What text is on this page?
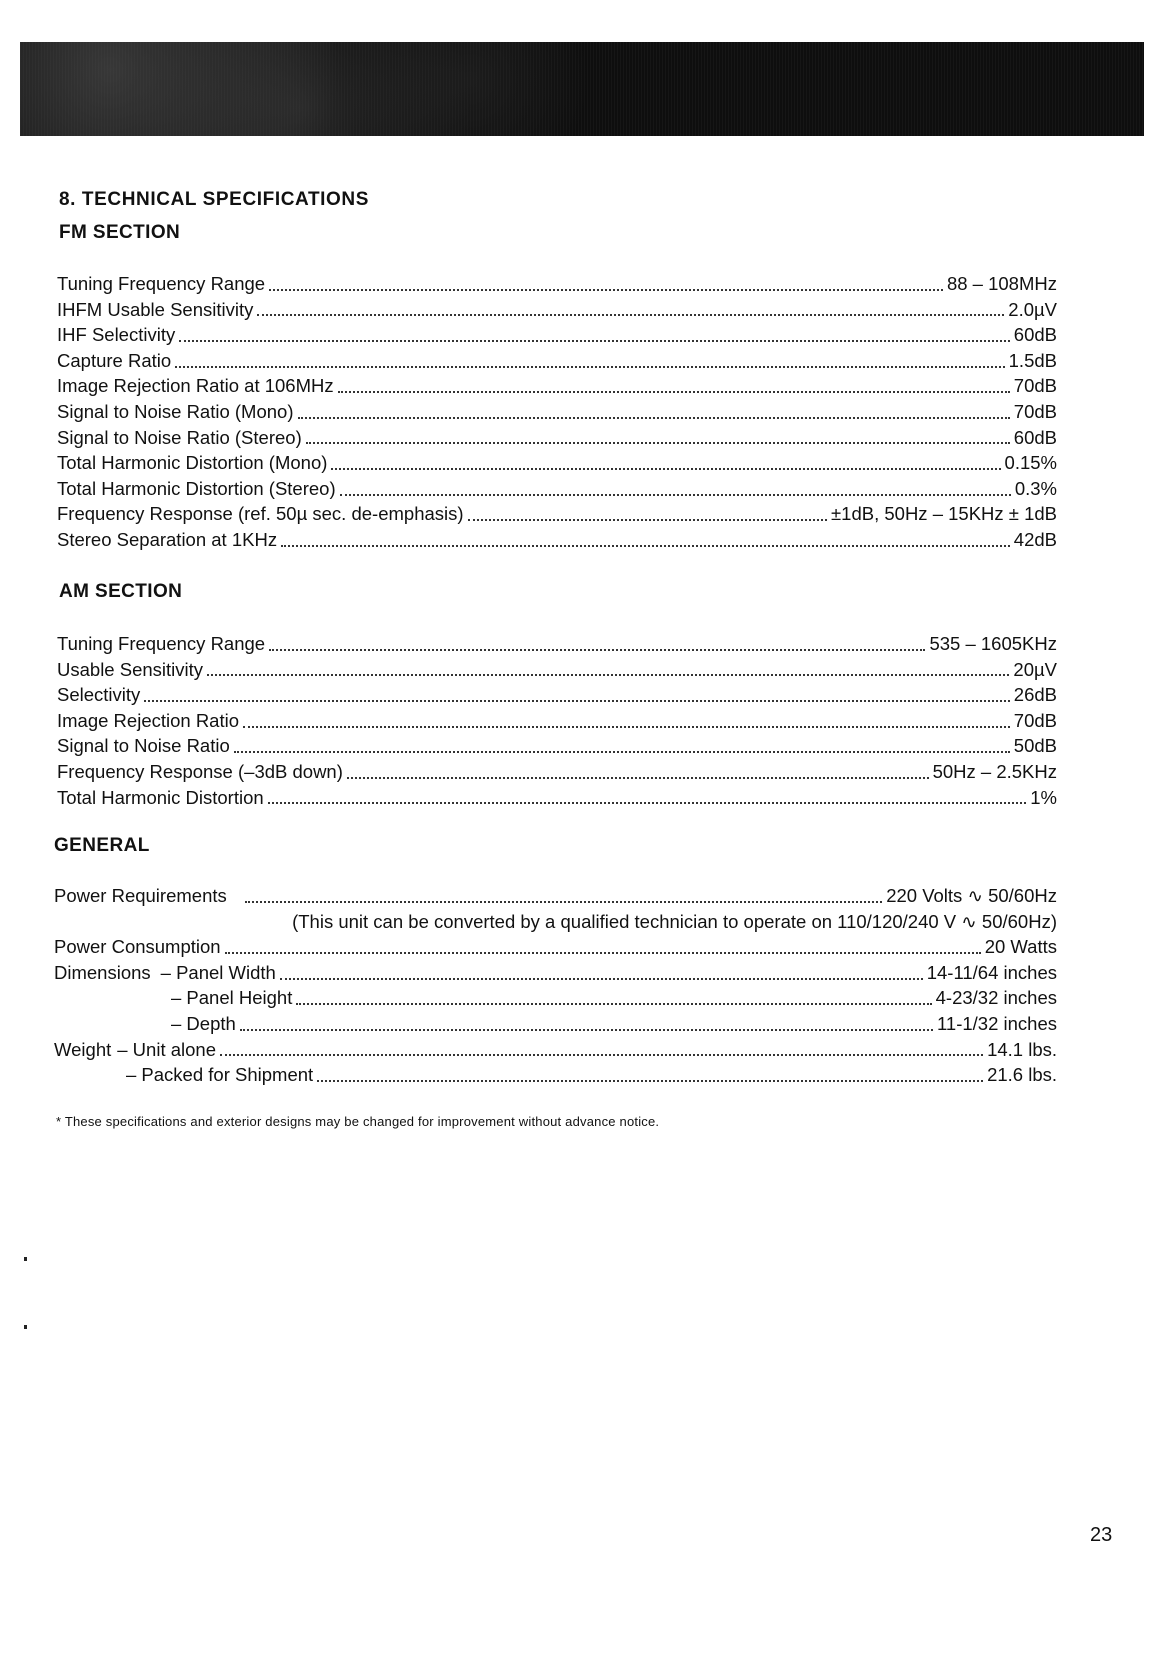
8. TECHNICAL SPECIFICATIONS
FM SECTION
Tuning Frequency Range	88 – 108MHz
IHFM Usable Sensitivity	2.0µV
IHF Selectivity	60dB
Capture Ratio	1.5dB
Image Rejection Ratio at 106MHz	70dB
Signal to Noise Ratio (Mono)	70dB
Signal to Noise Ratio (Stereo)	60dB
Total Harmonic Distortion (Mono)	0.15%
Total Harmonic Distortion (Stereo)	0.3%
Frequency Response (ref. 50µ sec. de-emphasis)	±1dB, 50Hz – 15KHz ± 1dB
Stereo Separation at 1KHz	42dB
AM SECTION
Tuning Frequency Range	535 – 1605KHz
Usable Sensitivity	20µV
Selectivity	26dB
Image Rejection Ratio	70dB
Signal to Noise Ratio	50dB
Frequency Response (–3dB down)	50Hz – 2.5KHz
Total Harmonic Distortion	1%
GENERAL
Power Requirements	220 Volts ∿ 50/60Hz
(This unit can be converted by a qualified technician to operate on 110/120/240 V ∿ 50/60Hz)
Power Consumption	20 Watts
Dimensions – Panel Width	14-11/64 inches
– Panel Height	4-23/32 inches
– Depth	11-1/32 inches
Weight – Unit alone	14.1 lbs.
– Packed for Shipment	21.6 lbs.

* These specifications and exterior designs may be changed for improvement without advance notice.

23
